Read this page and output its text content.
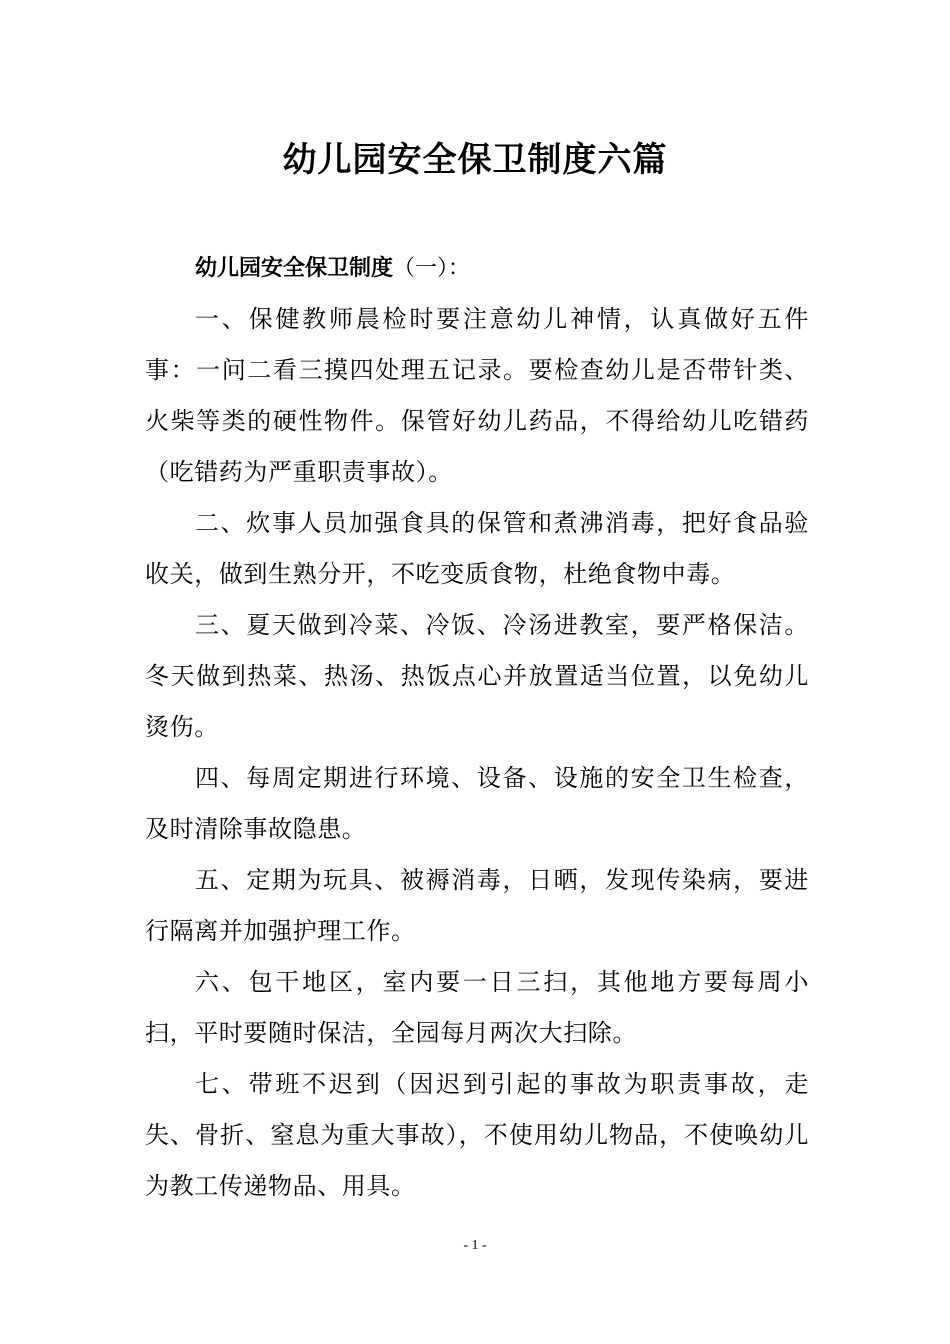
幼儿园安全保卫制度六篇

幼儿园安全保卫制度（一）：

一、保健教师晨检时要注意幼儿神情，认真做好五件事：一问二看三摸四处理五记录。要检查幼儿是否带针类、火柴等类的硬性物件。保管好幼儿药品，不得给幼儿吃错药（吃错药为严重职责事故）。

二、炊事人员加强食具的保管和煮沸消毒，把好食品验收关，做到生熟分开，不吃变质食物，杜绝食物中毒。

三、夏天做到冷菜、冷饭、冷汤进教室，要严格保洁。冬天做到热菜、热汤、热饭点心并放置适当位置，以免幼儿烫伤。

四、每周定期进行环境、设备、设施的安全卫生检查，及时清除事故隐患。

五、定期为玩具、被褥消毒，日晒，发现传染病，要进行隔离并加强护理工作。

六、包干地区，室内要一日三扫，其他地方要每周小扫，平时要随时保洁，全园每月两次大扫除。

七、带班不迟到（因迟到引起的事故为职责事故，走失、骨折、窒息为重大事故），不使用幼儿物品，不使唤幼儿为教工传递物品、用具。

- 1 -
